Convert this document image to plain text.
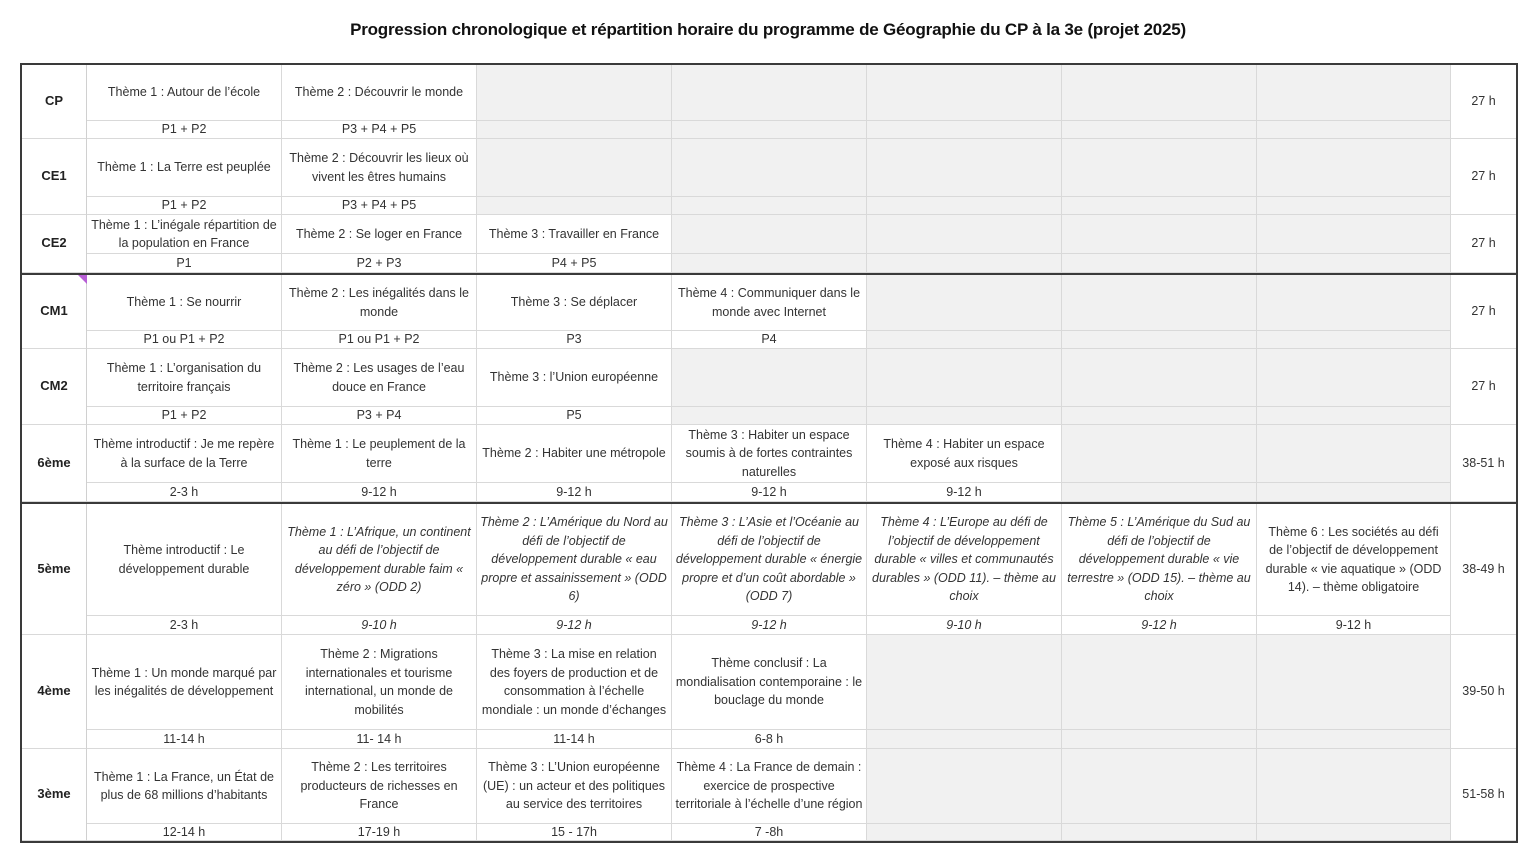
Progression chronologique et répartition horaire du programme de Géographie du CP à la 3e (projet 2025)
CP
Thème 1 : Autour de l’école
P1 + P2
Thème 2 : Découvrir le monde
P3 + P4 + P5
27 h
CE1
Thème 1 : La Terre est peuplée
P1 + P2
Thème 2 : Découvrir les lieux où vivent les êtres humains
P3 + P4 + P5
27 h
CE2
Thème 1 : L’inégale répartition de la population en France
P1
Thème 2 : Se loger en France
P2 + P3
Thème 3 : Travailler en France
P4 + P5
27 h
CM1
Thème 1 : Se nourrir
P1 ou P1 + P2
Thème 2 : Les inégalités dans le monde
P1 ou P1 + P2
Thème 3 : Se déplacer
P3
Thème 4 : Communiquer dans le monde avec Internet
P4
27 h
CM2
Thème 1 : L’organisation du territoire français
P1 + P2
Thème 2 : Les usages de l’eau douce en France
P3 + P4
Thème 3 : l’Union européenne
P5
27 h
6ème
Thème introductif : Je me repère à la surface de la Terre
2-3 h
Thème 1 : Le peuplement de la terre
9-12 h
Thème 2 : Habiter une métropole
9-12 h
Thème 3 : Habiter un espace soumis à de fortes contraintes naturelles
9-12 h
Thème 4 : Habiter un espace exposé aux risques
9-12 h
38-51 h
5ème
Thème introductif : Le développement durable
2-3 h
Thème 1 : L’Afrique, un continent au défi de l’objectif de développement durable faim « zéro » (ODD 2)
9-10 h
Thème 2 : L’Amérique du Nord au défi de l’objectif de développement durable « eau propre et assainissement » (ODD 6)
9-12 h
Thème 3 : L’Asie et l’Océanie au défi de l’objectif de développement durable « énergie propre et d’un coût abordable » (ODD 7)
9-12 h
Thème 4 : L’Europe au défi de l’objectif de développement durable « villes et communautés durables » (ODD 11). – thème au choix
9-10 h
Thème 5 : L’Amérique du Sud au défi de l’objectif de développement durable « vie terrestre » (ODD 15). – thème au choix
9-12 h
Thème 6 : Les sociétés au défi de l’objectif de développement durable « vie aquatique » (ODD 14). – thème obligatoire
9-12 h
38-49 h
4ème
Thème 1 : Un monde marqué par les inégalités de développement
11-14 h
Thème 2 : Migrations internationales et tourisme international, un monde de mobilités
11- 14 h
Thème 3 : La mise en relation des foyers de production et de consommation à l’échelle mondiale : un monde d’échanges
11-14 h
Thème conclusif : La mondialisation contemporaine : le bouclage du monde
6-8 h
39-50 h
3ème
Thème 1 : La France, un État de plus de 68 millions d’habitants
12-14 h
Thème 2 : Les territoires producteurs de richesses en France
17-19 h
Thème 3 : L’Union européenne (UE) : un acteur et des politiques au service des territoires
15 - 17h
Thème 4 : La France de demain : exercice de prospective territoriale à l’échelle d’une région
7 -8h
51-58 h
